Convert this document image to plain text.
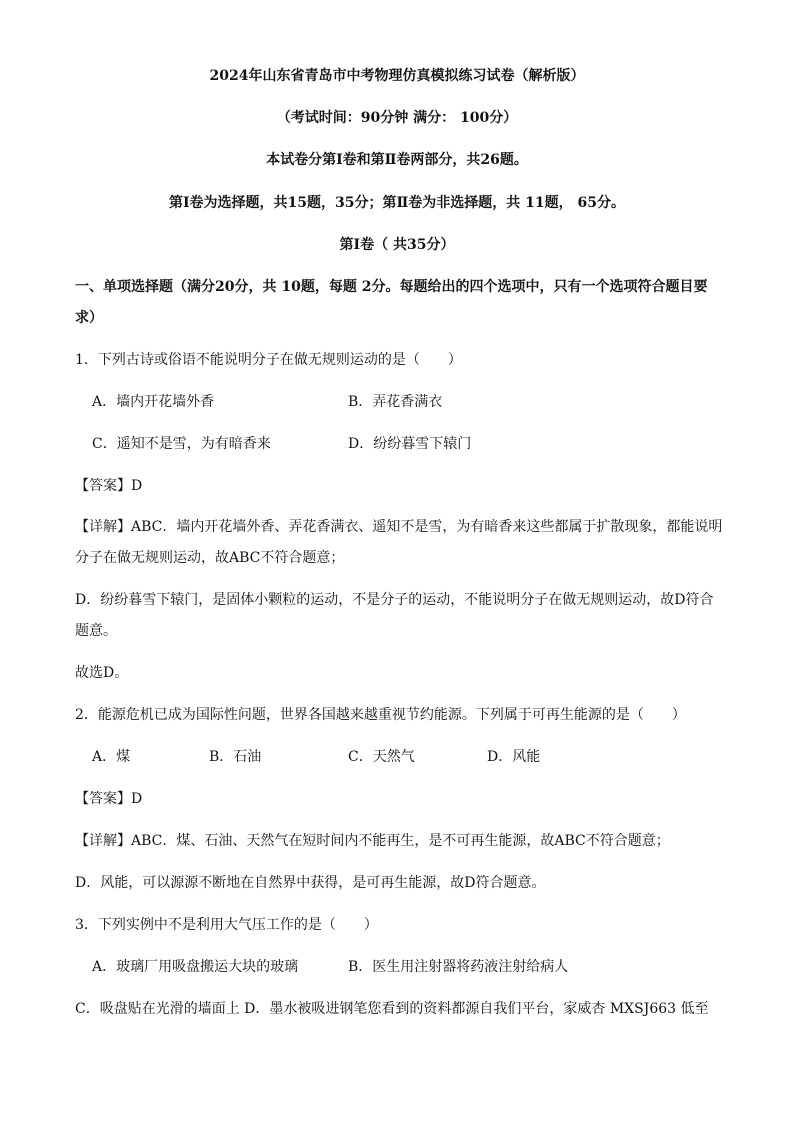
2024年山东省青岛市中考物理仿真模拟练习试卷（解析版）
（考试时间：90分钟 满分： 100分）
本试卷分第Ⅰ卷和第Ⅱ卷两部分，共26题。
第Ⅰ卷为选择题，共15题，35分；第Ⅱ卷为非选择题，共 11题， 65分。
第Ⅰ卷（ 共35分）
一、单项选择题（满分20分，共 10题，每题 2分。每题给出的四个选项中，只有一个选项符合题目要
求）
1．下列古诗或俗语不能说明分子在做无规则运动的是（　　）
A．墙内开花墙外香	B．弄花香满衣
C．遥知不是雪，为有暗香来	D．纷纷暮雪下辕门
【答案】D
【详解】ABC．墙内开花墙外香、弄花香满衣、遥知不是雪，为有暗香来这些都属于扩散现象，都能说明
分子在做无规则运动，故ABC不符合题意；
D．纷纷暮雪下辕门，是固体小颗粒的运动，不是分子的运动，不能说明分子在做无规则运动，故D符合
题意。
故选D。
2．能源危机已成为国际性问题，世界各国越来越重视节约能源。下列属于可再生能源的是（　　）
A．煤	B．石油	C．天然气	D．风能
【答案】D
【详解】ABC．煤、石油、天然气在短时间内不能再生，是不可再生能源，故ABC不符合题意；
D．风能，可以源源不断地在自然界中获得，是可再生能源，故D符合题意。
3．下列实例中不是利用大气压工作的是（　　）
A．玻璃厂用吸盘搬运大块的玻璃	B．医生用注射器将药液注射给病人
C．吸盘贴在光滑的墙面上 D．墨水被吸进钢笔您看到的资料都源自我们平台，家威杏 MXSJ663 低至
